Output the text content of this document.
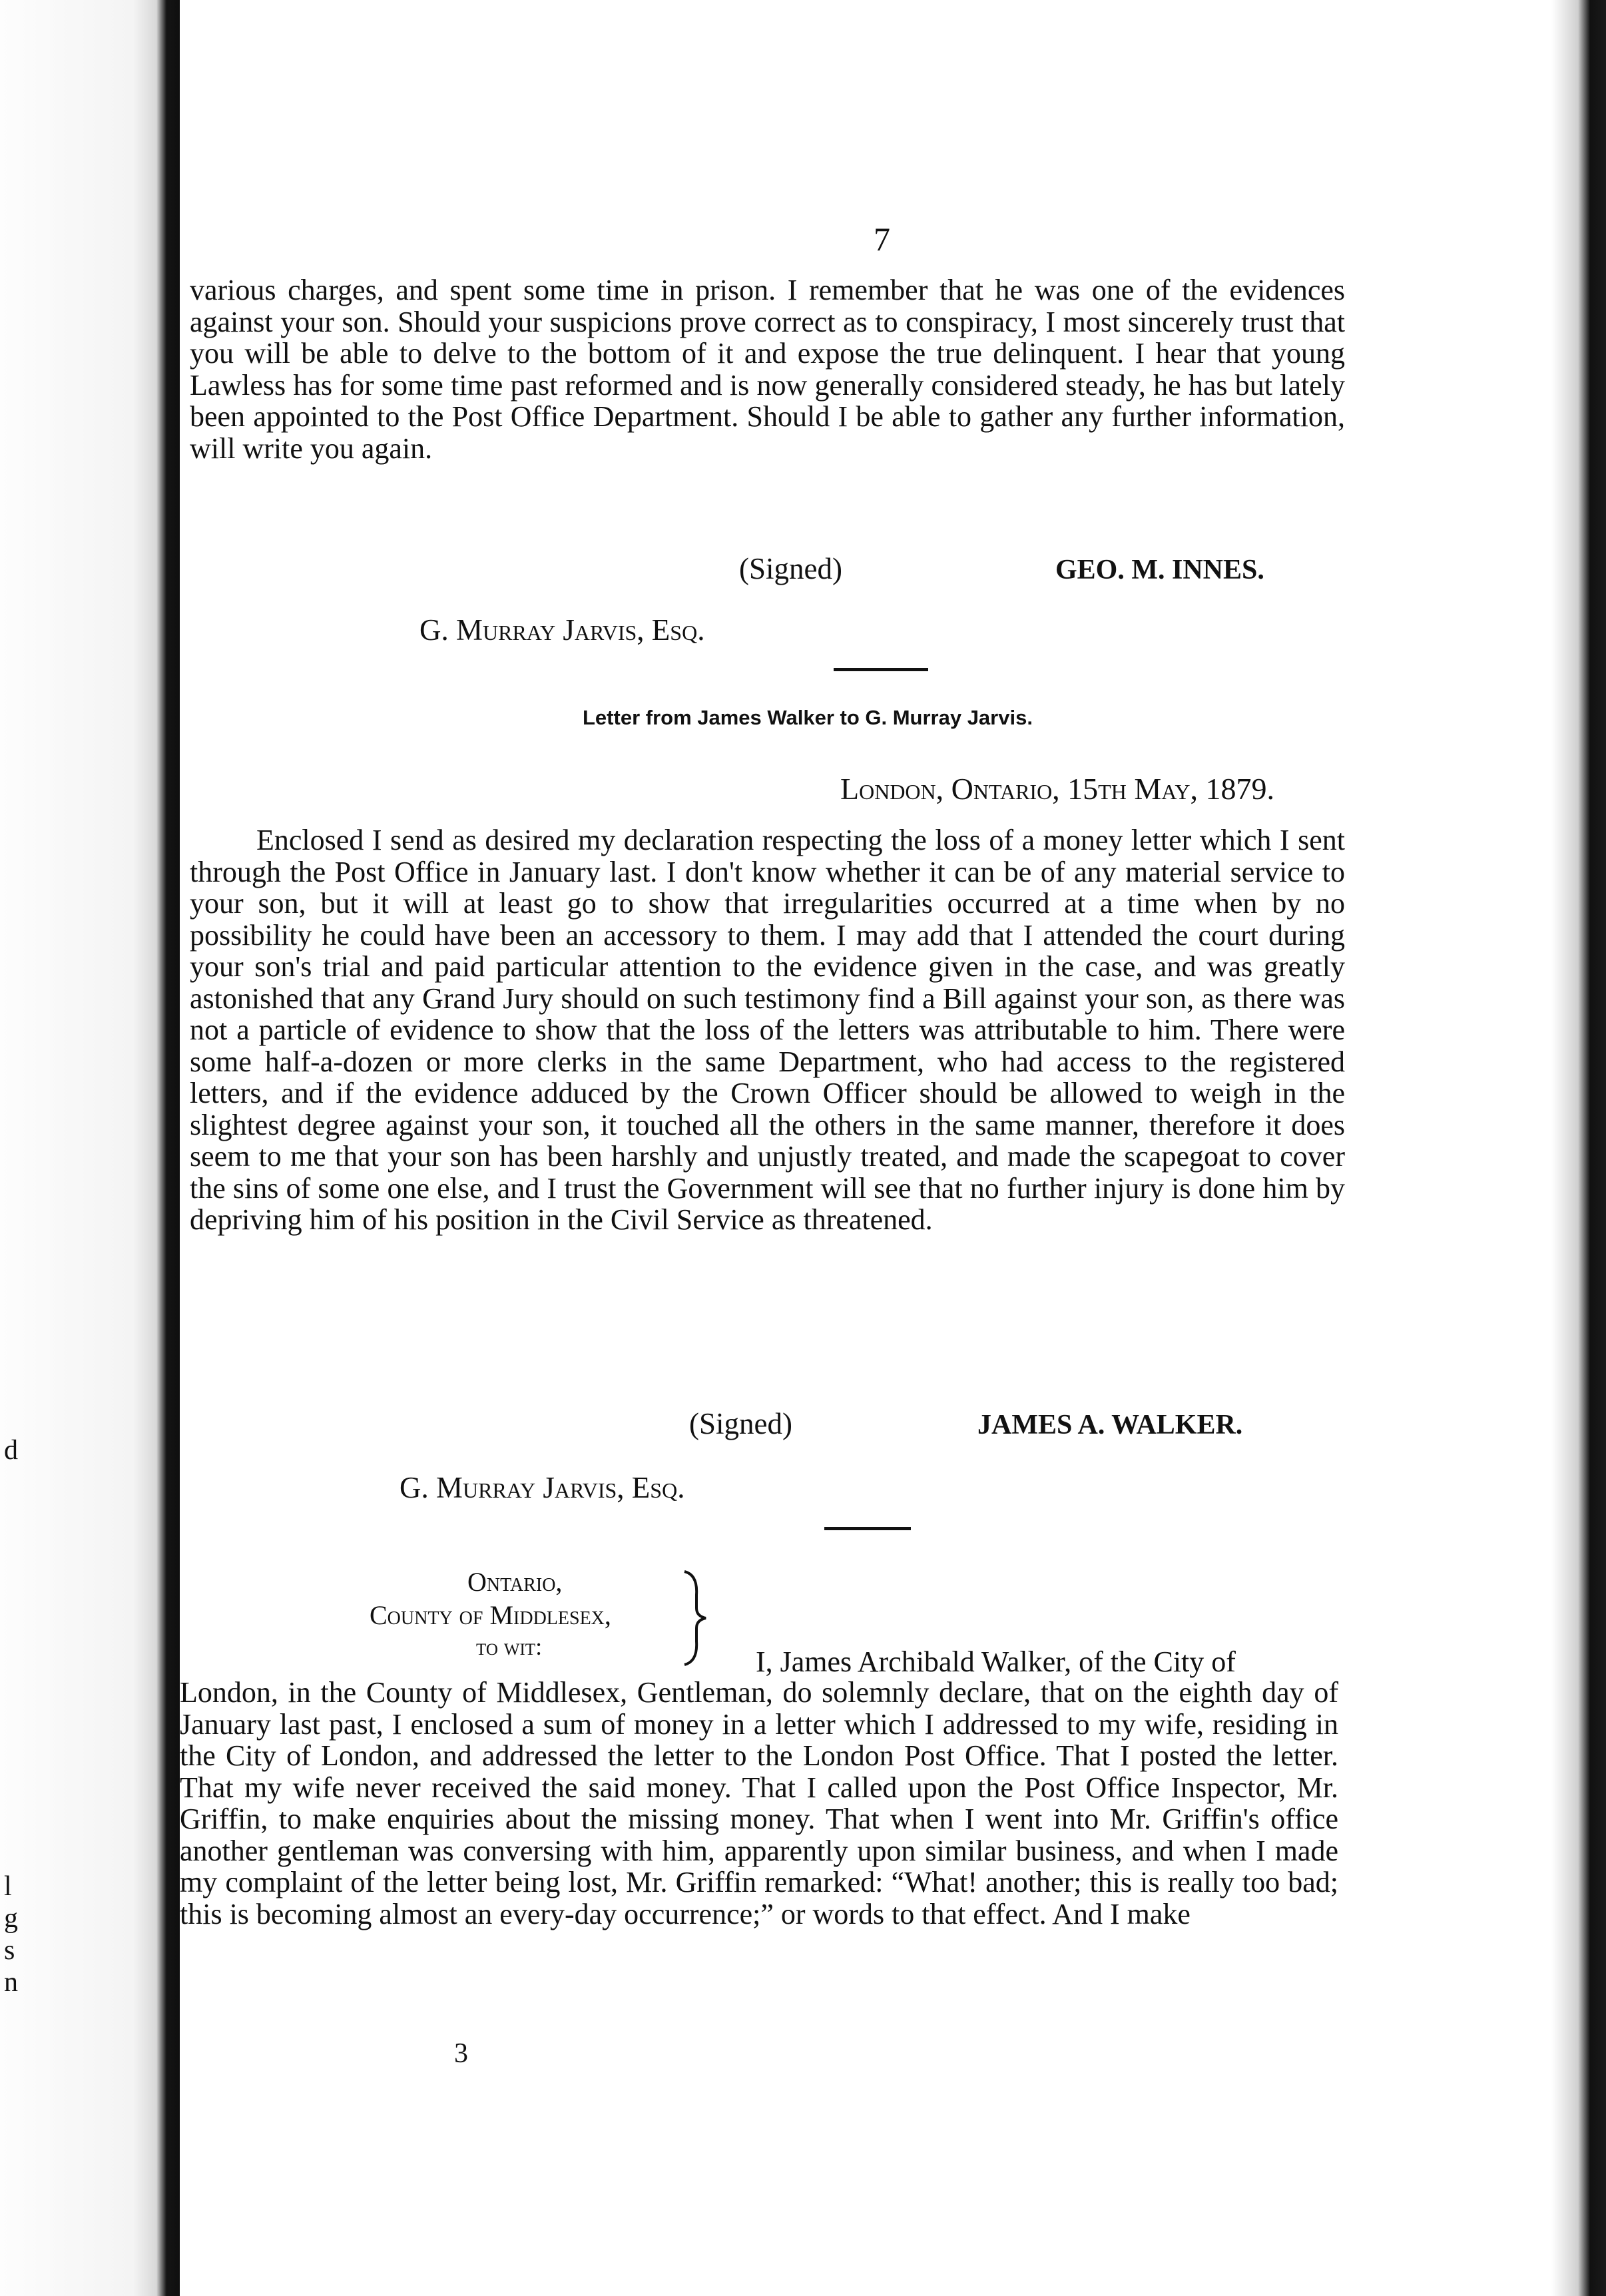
d
l
g
s
n
7
various charges, and spent some time in prison. I remember that he was one of the evidences against your son. Should your suspicions prove correct as to conspiracy, I most sincerely trust that you will be able to delve to the bottom of it and expose the true delinquent. I hear that young Lawless has for some time past reformed and is now generally considered steady, he has but lately been appointed to the Post Office Department. Should I be able to gather any further information, will write you again.
(Signed)	GEO. M. INNES.
G. Murray Jarvis, Esq.
Letter from James Walker to G. Murray Jarvis.
London, Ontario, 15th May, 1879.
Enclosed I send as desired my declaration respecting the loss of a money letter which I sent through the Post Office in January last. I don't know whether it can be of any material service to your son, but it will at least go to show that irregularities occurred at a time when by no possibility he could have been an accessory to them. I may add that I attended the court during your son's trial and paid particular attention to the evidence given in the case, and was greatly astonished that any Grand Jury should on such testimony find a Bill against your son, as there was not a particle of evidence to show that the loss of the letters was attributable to him. There were some half-a-dozen or more clerks in the same Department, who had access to the registered letters, and if the evidence adduced by the Crown Officer should be allowed to weigh in the slightest degree against your son, it touched all the others in the same manner, therefore it does seem to me that your son has been harshly and unjustly treated, and made the scapegoat to cover the sins of some one else, and I trust the Government will see that no further injury is done him by depriving him of his position in the Civil Service as threatened.
(Signed)	JAMES A. WALKER.
G. Murray Jarvis, Esq.
Ontario,
County of Middlesex,
to wit:	I, James Archibald Walker, of the City of
London, in the County of Middlesex, Gentleman, do solemnly declare, that on the eighth day of January last past, I enclosed a sum of money in a letter which I addressed to my wife, residing in the City of London, and addressed the letter to the London Post Office. That I posted the letter. That my wife never received the said money. That I called upon the Post Office Inspector, Mr. Griffin, to make enquiries about the missing money. That when I went into Mr. Griffin's office another gentleman was conversing with him, apparently upon similar business, and when I made my complaint of the letter being lost, Mr. Griffin remarked: “What! another; this is really too bad; this is becoming almost an every-day occurrence;” or words to that effect. And I make
3
